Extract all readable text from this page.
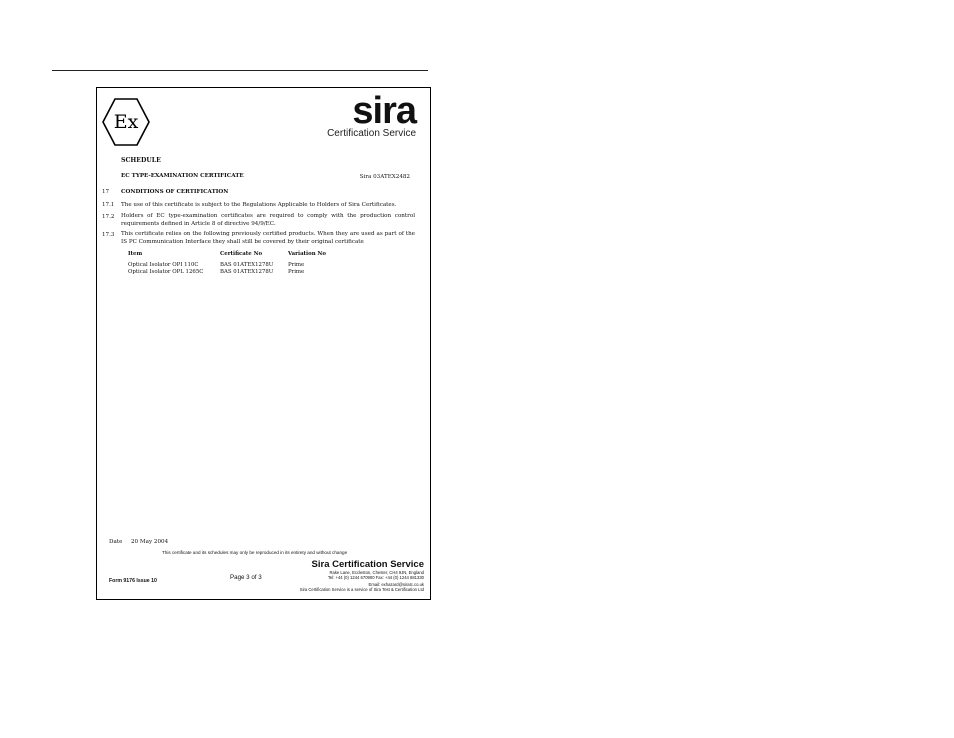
Ex	sira
Certification Service
SCHEDULE
EC TYPE-EXAMINATION CERTIFICATE	Sira 03ATEX2482
17 CONDITIONS OF CERTIFICATION
17.1 The use of this certificate is subject to the Regulations Applicable to Holders of Sira Certificates.
17.2 Holders of EC type-examination certificates are required to comply with the production control requirements defined in Article 8 of directive 94/9/EC.
17.3 This certificate relies on the following previously certified products. When they are used as part of the IS PC Communication Interface they shall still be covered by their original certificate
Item	Certificate No	Variation No
Optical Isolator OPI 110C	BAS 01ATEX1278U	Prime
Optical Isolator OPL 1265C	BAS 01ATEX1278U	Prime
Date 20 May 2004
This certificate and its schedules may only be reproduced in its entirety and without change
Sira Certification Service
Page 3 of 3
Form 9176 Issue 10
Rake Lane, Eccleston, Chester, CH4 9JN, England
Tel: +44 (0) 1244 670900 Fax: +44 (0) 1244 681330
Email: exhazard@siratc.co.uk
Sira Certification Service is a service of Sira Test & Certification Ltd
